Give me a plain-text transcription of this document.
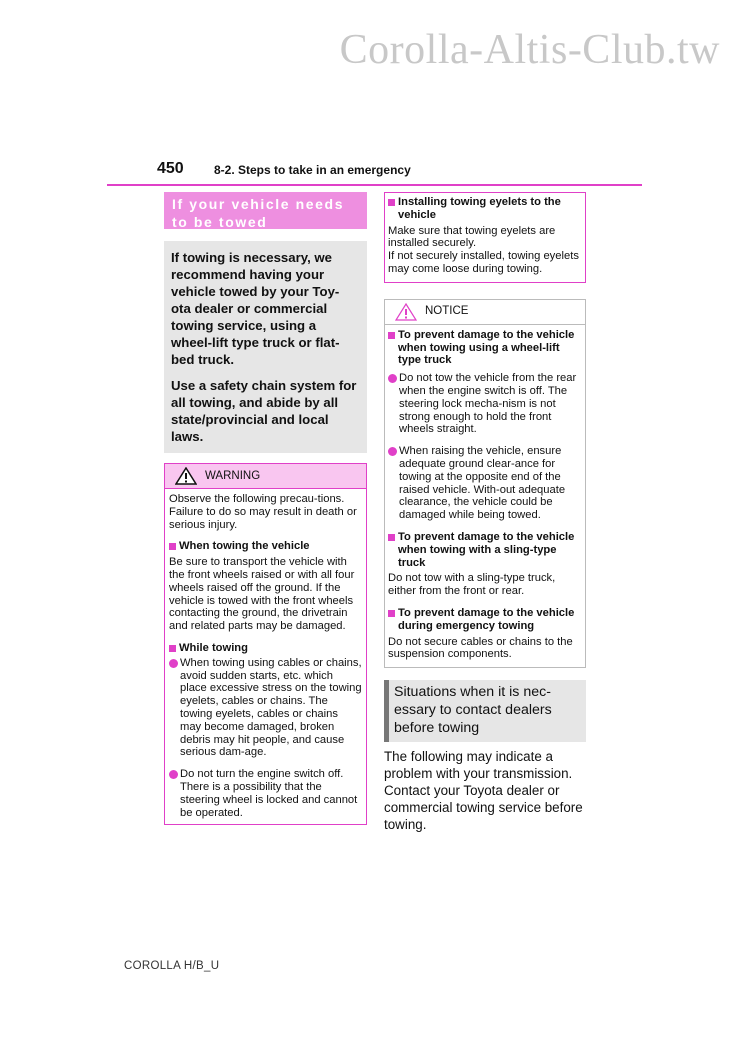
Corolla-Altis-Club.tw
450	8-2. Steps to take in an emergency
If your vehicle needs
to be towed

If towing is necessary, we recommend having your vehicle towed by your Toy-ota dealer or commercial towing service, using a wheel-lift type truck or flat-bed truck.

Use a safety chain system for all towing, and abide by all state/provincial and local laws.

WARNING

Observe the following precau-tions.

Failure to do so may result in death or serious injury.

When towing the vehicle

Be sure to transport the vehicle with the front wheels raised or with all four wheels raised off the ground. If the vehicle is towed with the front wheels contacting the ground, the drivetrain and related parts may be damaged.

While towing
When towing using cables or chains, avoid sudden starts, etc. which place excessive stress on the towing eyelets, cables or chains. The towing eyelets, cables or chains may become damaged, broken debris may hit people, and cause serious dam-age.
Do not turn the engine switch off.
There is a possibility that the steering wheel is locked and cannot be operated.
Installing towing eyelets to the vehicle

Make sure that towing eyelets are installed securely.

If not securely installed, towing eyelets may come loose during towing.

NOTICE
To prevent damage to the vehicle when towing using a wheel-lift type truck
Do not tow the vehicle from the rear when the engine switch is off. The steering lock mecha-nism is not strong enough to hold the front wheels straight.
When raising the vehicle, ensure adequate ground clear-ance for towing at the opposite end of the raised vehicle. With-out adequate clearance, the vehicle could be damaged while being towed.
To prevent damage to the vehicle when towing with a sling-type truck

Do not tow with a sling-type truck, either from the front or rear.

To prevent damage to the vehicle during emergency towing

Do not secure cables or chains to the suspension components.

Situations when it is nec-essary to contact dealers before towing
The following may indicate a problem with your transmission. Contact your Toyota dealer or commercial towing service before towing.
COROLLA H/B_U
